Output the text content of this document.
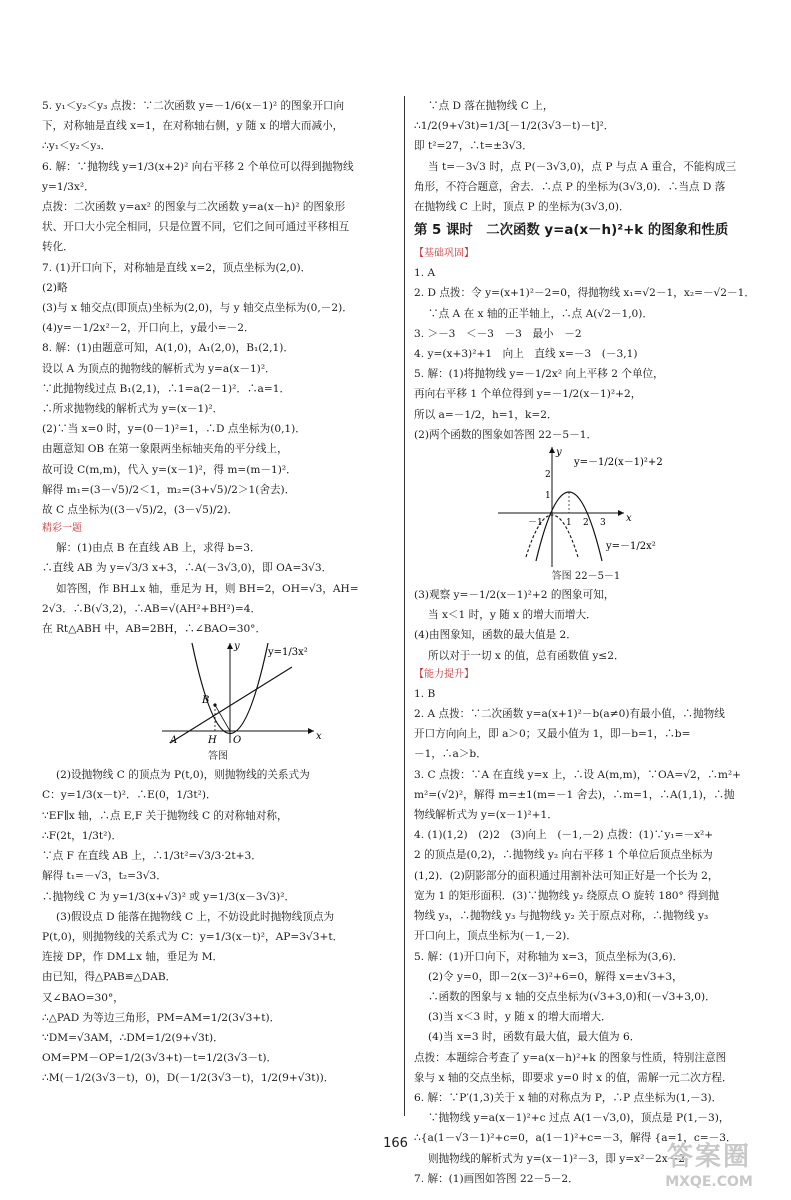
5. y₁＜y₂＜y₃ 点拨：∵二次函数 y=－1/6(x－1)² 的图象开口向
下，对称轴是直线 x=1，在对称轴右侧，y 随 x 的增大而减小，
∴y₁＜y₂＜y₃．
6. 解：∵抛物线 y=1/3(x+2)² 向右平移 2 个单位可以得到抛物线
y=1/3x²．
点拨：二次函数 y=ax² 的图象与二次函数 y=a(x－h)² 的图象形
状、开口大小完全相同，只是位置不同，它们之间可通过平移相互
转化．
7. (1)开口向下，对称轴是直线 x=2，顶点坐标为(2,0)．
(2)略
(3)与 x 轴交点(即顶点)坐标为(2,0)，与 y 轴交点坐标为(0,－2)．
(4)y=－1/2x²－2，开口向上，y最小=－2．
8. 解：(1)由题意可知，A(1,0)，A₁(2,0)，B₁(2,1)．
设以 A 为顶点的抛物线的解析式为 y=a(x－1)²．
∵此抛物线过点 B₁(2,1)，∴1=a(2－1)²．∴a=1．
∴所求抛物线的解析式为 y=(x－1)²．
(2)∵当 x=0 时，y=(0－1)²=1，∴D 点坐标为(0,1)．
由题意知 OB 在第一象限两坐标轴夹角的平分线上，
故可设 C(m,m)，代入 y=(x－1)²，得 m=(m－1)²．
解得 m₁=(3－√5)/2＜1，m₂=(3+√5)/2＞1(舍去)．
故 C 点坐标为((3－√5)/2，(3－√5)/2)．
精彩一题
解：(1)由点 B 在直线 AB 上，求得 b=3．
∴直线 AB 为 y=√3/3 x+3，∴A(－3√3,0)，即 OA=3√3．
如答图，作 BH⊥x 轴，垂足为 H，则 BH=2，OH=√3，AH=
2√3．∴B(√3,2)，∴AB=√(AH²+BH²)=4．
在 Rt△ABH 中，AB=2BH，∴∠BAO=30°．
x
y
y=1/3x²
B
A	H O
答图
(2)设抛物线 C 的顶点为 P(t,0)，则抛物线的关系式为
C：y=1/3(x－t)²．∴E(0，1/3t²)．
∵EF∥x 轴，∴点 E,F 关于抛物线 C 的对称轴对称，
∴F(2t，1/3t²)．
∵点 F 在直线 AB 上，∴1/3t²=√3/3·2t+3．
解得 t₁=－√3，t₂=3√3．
∴抛物线 C 为 y=1/3(x+√3)² 或 y=1/3(x－3√3)²．
(3)假设点 D 能落在抛物线 C 上，不妨设此时抛物线顶点为
P(t,0)，则抛物线的关系式为 C：y=1/3(x－t)²，AP=3√3+t．
连接 DP，作 DM⊥x 轴，垂足为 M．
由已知，得△PAB≌△DAB．
又∠BAO=30°，
∴△PAD 为等边三角形，PM=AM=1/2(3√3+t)．
∵DM=√3AM，∴DM=1/2(9+√3t)．
OM=PM－OP=1/2(3√3+t)－t=1/2(3√3－t)．
∴M(－1/2(3√3－t)，0)，D(－1/2(3√3－t)，1/2(9+√3t))．
∵点 D 落在抛物线 C 上，
∴1/2(9+√3t)=1/3[－1/2(3√3－t)－t]²．
即 t²=27，∴t=±3√3．
当 t=－3√3 时，点 P(－3√3,0)，点 P 与点 A 重合，不能构成三
角形，不符合题意，舍去．∴点 P 的坐标为(3√3,0)．∴当点 D 落
在抛物线 C 上时，顶点 P 的坐标为(3√3,0)．
第 5 课时　二次函数 y=a(x－h)²+k 的图象和性质
【基础巩固】
1. A
2. D 点拨：令 y=(x+1)²－2=0，得抛物线 x₁=√2－1，x₂=－√2－1．
∵点 A 在 x 轴的正半轴上，∴点 A(√2－1,0)．
3. ＞－3　＜－3　－3　最小　－2
4. y=(x+3)²+1　向上　直线 x=－3　(－3,1)
5. 解：(1)将抛物线 y=－1/2x² 向上平移 2 个单位，
再向右平移 1 个单位得到 y=－1/2(x－1)²+2，
所以 a=－1/2，h=1，k=2．
(2)两个函数的图象如答图 22－5－1．
2
1
－1	1 2 3 x
y
y=－1/2(x－1)²+2
y=－1/2x²
答图 22－5－1
(3)观察 y=－1/2(x－1)²+2 的图象可知，
当 x＜1 时，y 随 x 的增大而增大．
(4)由图象知，函数的最大值是 2．
所以对于一切 x 的值，总有函数值 y≤2．
【能力提升】
1. B
2. A 点拨：∵二次函数 y=a(x+1)²－b(a≠0)有最小值，∴抛物线
开口方向向上，即 a＞0；又最小值为 1，即－b=1，∴b=
－1，∴a＞b．
3. C 点拨：∵A 在直线 y=x 上，∴设 A(m,m)，∵OA=√2，∴m²+
m²=(√2)²，解得 m=±1(m=－1 舍去)，∴m=1，∴A(1,1)，∴抛
物线解析式为 y=(x－1)²+1．
4. (1)(1,2)　(2)2　(3)向上　(－1,－2) 点拨：(1)∵y₁=－x²+
2 的顶点是(0,2)，∴抛物线 y₂ 向右平移 1 个单位后顶点坐标为
(1,2)．(2)阴影部分的面积通过用割补法可知正好是一个长为 2，
宽为 1 的矩形面积．(3)∵抛物线 y₂ 绕原点 O 旋转 180° 得到抛
物线 y₃，∴抛物线 y₃ 与抛物线 y₂ 关于原点对称，∴抛物线 y₃
开口向上，顶点坐标为(－1,－2)．
5. 解：(1)开口向下，对称轴为 x=3，顶点坐标为(3,6)．
(2)令 y=0，即－2(x－3)²+6=0，解得 x=±√3+3，
∴函数的图象与 x 轴的交点坐标为(√3+3,0)和(－√3+3,0)．
(3)当 x＜3 时，y 随 x 的增大而增大．
(4)当 x=3 时，函数有最大值，最大值为 6．
点拨：本题综合考查了 y=a(x－h)²+k 的图象与性质，特别注意图
象与 x 轴的交点坐标，即要求 y=0 时 x 的值，需解一元二次方程．
6. 解：∵P′(1,3)关于 x 轴的对称点为 P，∴P 点坐标为(1,－3)．
∵抛物线 y=a(x－1)²+c 过点 A(1－√3,0)，顶点是 P(1,－3)，
∴{a(1－√3－1)²+c=0，a(1－1)²+c=－3，解得 {a=1，c=－3．
则抛物线的解析式为 y=(x－1)²－3，即 y=x²－2x－2．
7. 解：(1)画图如答图 22－5－2．
166	答案圈
MXQE.COM
